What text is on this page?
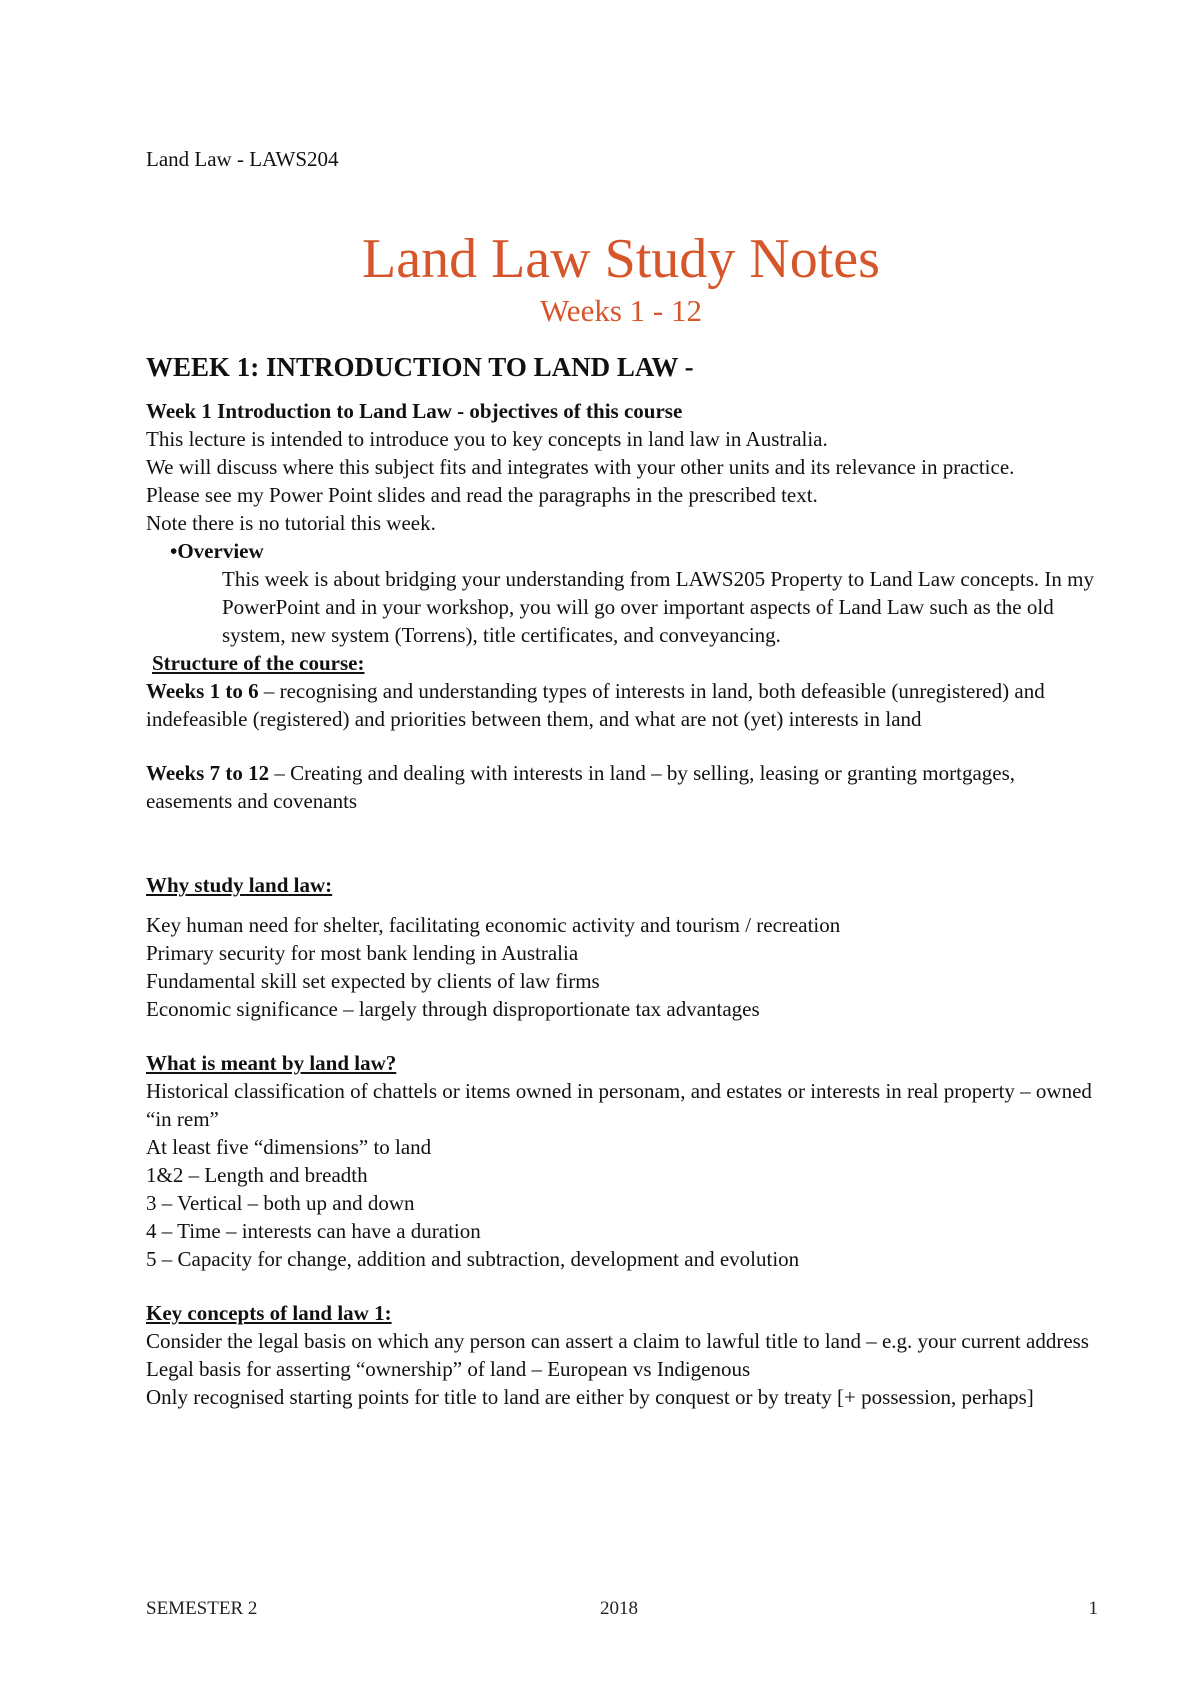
Land Law - LAWS204

Land Law Study Notes

Weeks 1 - 12

WEEK 1: INTRODUCTION TO LAND LAW -

Week 1 Introduction to Land Law - objectives of this course

This lecture is intended to introduce you to key concepts in land law in Australia.

We will discuss where this subject fits and integrates with your other units and its relevance in practice.

Please see my Power Point slides and read the paragraphs in the prescribed text.

Note there is no tutorial this week.

•Overview

This week is about bridging your understanding from LAWS205 Property to Land Law concepts. In my PowerPoint and in your workshop, you will go over important aspects of Land Law such as the old system, new system (Torrens), title certificates, and conveyancing.

Structure of the course:

Weeks 1 to 6 – recognising and understanding types of interests in land, both defeasible (unregistered) and indefeasible (registered) and priorities between them, and what are not (yet) interests in land

Weeks 7 to 12 – Creating and dealing with interests in land – by selling, leasing or granting mortgages, easements and covenants

Why study land law:

Key human need for shelter, facilitating economic activity and tourism / recreation

Primary security for most bank lending in Australia

Fundamental skill set expected by clients of law firms

Economic significance – largely through disproportionate tax advantages

What is meant by land law?

Historical classification of chattels or items owned in personam, and estates or interests in real property – owned “in rem”

At least five “dimensions” to land

1&2 – Length and breadth

3 – Vertical – both up and down

4 – Time – interests can have a duration

5 – Capacity for change, addition and subtraction, development and evolution

Key concepts of land law 1:

Consider the legal basis on which any person can assert a claim to lawful title to land – e.g. your current address

Legal basis for asserting “ownership” of land – European vs Indigenous

Only recognised starting points for title to land are either by conquest or by treaty [+ possession, perhaps]

SEMESTER 2	2018	1
